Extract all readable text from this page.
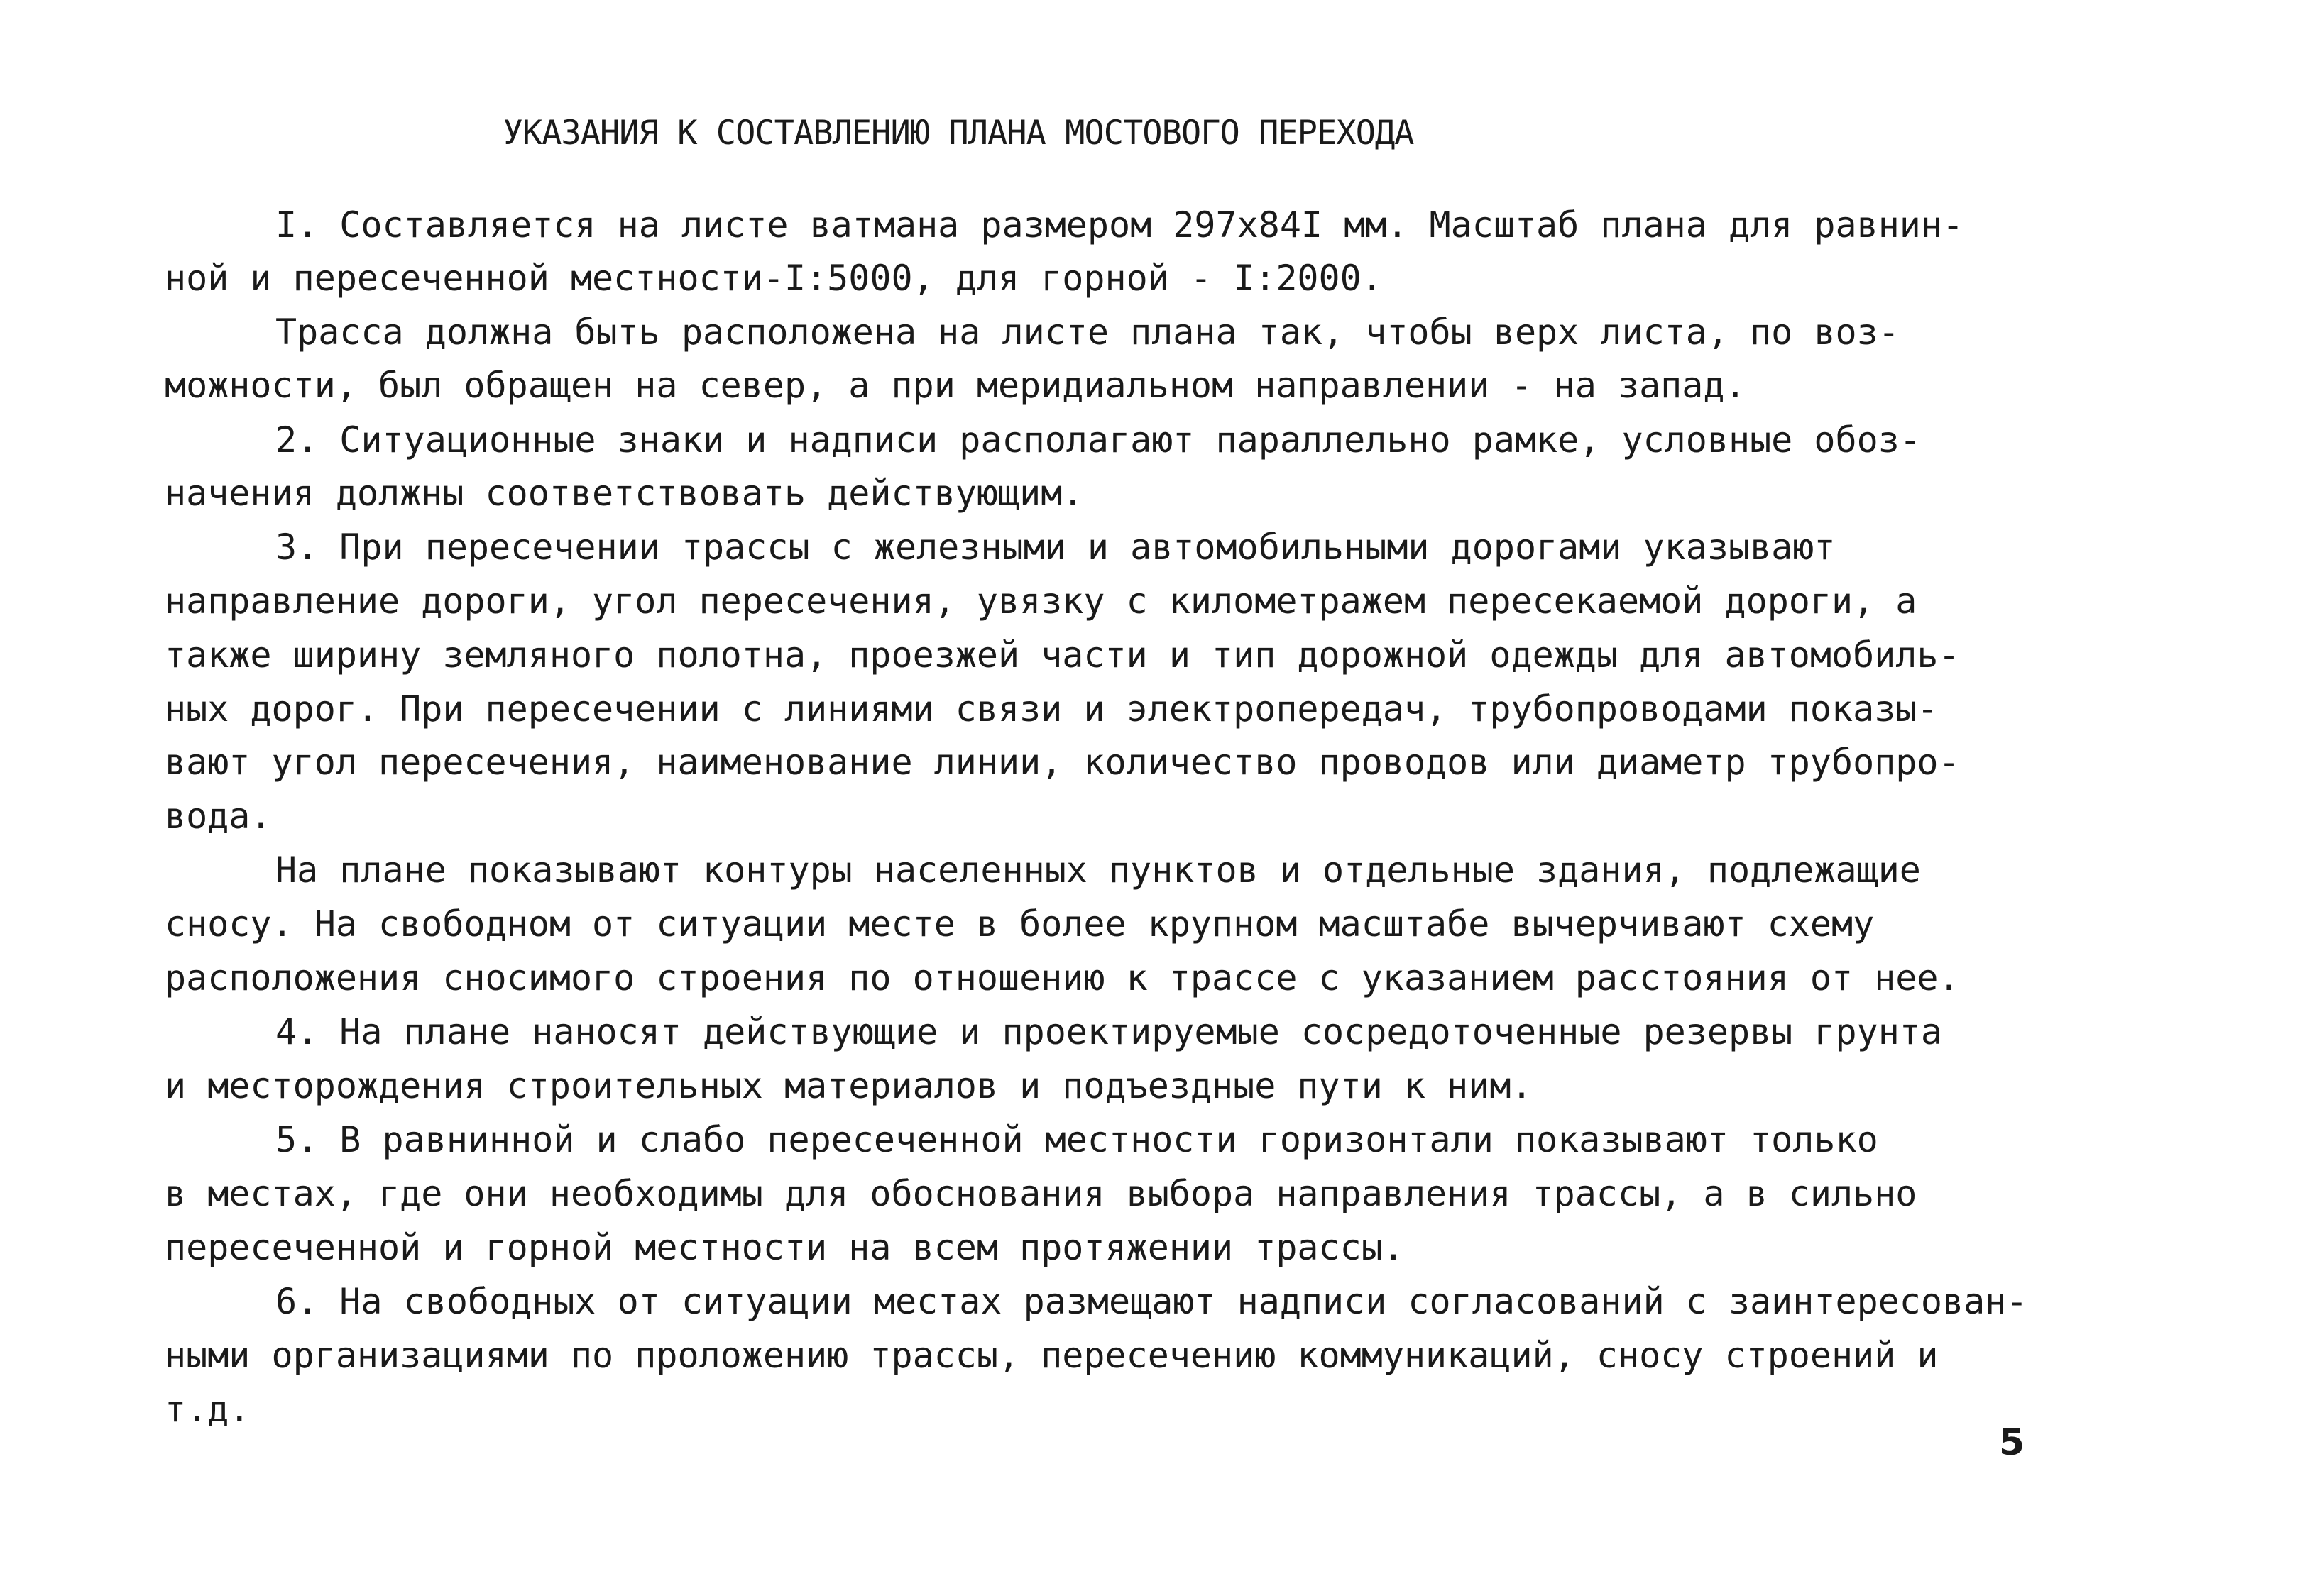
УКАЗАНИЯ К СОСТАВЛЕНИЮ ПЛАНА МОСТОВОГО ПЕРЕХОДА
I. Составляется на листе ватмана размером 297х84I мм. Масштаб плана для равнин-
ной и пересеченной местности-I:5000, для горной - I:2000.
Трасса должна быть расположена на листе плана так, чтобы верх листа, по воз-
можности, был обращен на север, а при меридиальном направлении - на запад.
2. Ситуационные знаки и надписи располагают параллельно рамке, условные обоз-
начения должны соответствовать действующим.
3. При пересечении трассы с железными и автомобильными дорогами указывают
направление дороги, угол пересечения, увязку с километражем пересекаемой дороги, а
также ширину земляного полотна, проезжей части и тип дорожной одежды для автомобиль-
ных дорог. При пересечении с линиями связи и электропередач, трубопроводами показы-
вают угол пересечения, наименование линии, количество проводов или диаметр трубопро-
вода.
На плане показывают контуры населенных пунктов и отдельные здания, подлежащие
сносу. На свободном от ситуации месте в более крупном масштабе вычерчивают схему
расположения сносимого строения по отношению к трассе с указанием расстояния от нее.
4. На плане наносят действующие и проектируемые сосредоточенные резервы грунта
и месторождения строительных материалов и подъездные пути к ним.
5. В равнинной и слабо пересеченной местности горизонтали показывают только
в местах, где они необходимы для обоснования выбора направления трассы, а в сильно
пересеченной и горной местности на всем протяжении трассы.
6. На свободных от ситуации местах размещают надписи согласований с заинтересован-
ными организациями по проложению трассы, пересечению коммуникаций, сносу строений и
т.д.
5
